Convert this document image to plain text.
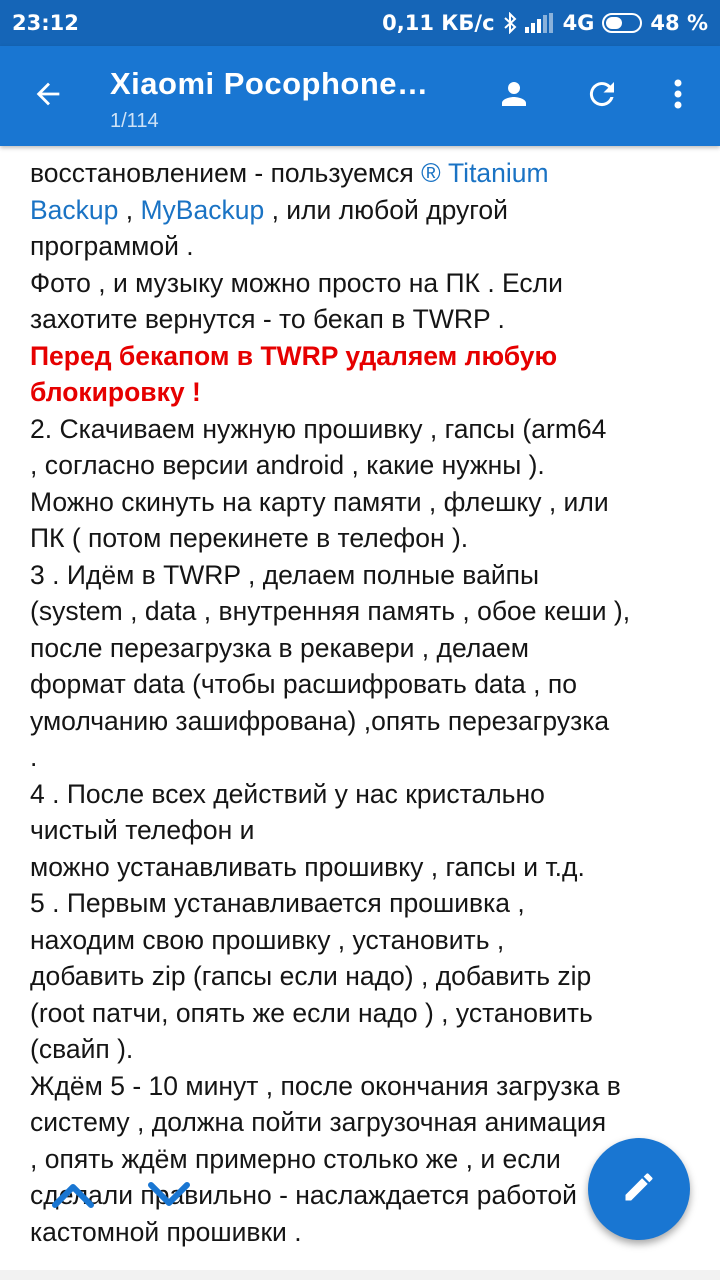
23:12	0,11 КБ/с	4G	48 %
Xiaomi Pocophone…
1/114
восстановлением - пользуемся ® Titanium
Backup , MyBackup , или любой другой
программой .
Фото , и музыку можно просто на ПК . Если
захотите вернутся - то бекап в TWRP .
Перед бекапом в TWRP удаляем любую
блокировку !
2. Скачиваем нужную прошивку , гапсы (arm64
, согласно версии android , какие нужны ).
Можно скинуть на карту памяти , флешку , или
ПК ( потом перекинете в телефон ).
3 . Идём в TWRP , делаем полные вайпы
(system , data , внутренняя память , обое кеши ),
после перезагрузка в рекавери , делаем
формат data (чтобы расшифровать data , по
умолчанию зашифрована) ,опять перезагрузка
.
4 . После всех действий у нас кристально
чистый телефон и
можно устанавливать прошивку , гапсы и т.д.
5 . Первым устанавливается прошивка ,
находим свою прошивку , установить ,
добавить zip (гапсы если надо) , добавить zip
(root патчи, опять же если надо ) , установить
(свайп ).
Ждём 5 - 10 минут , после окончания загрузка в
систему , должна пойти загрузочная анимация
, опять ждём примерно столько же , и если
сделали правильно - наслаждается работой
кастомной прошивки .
